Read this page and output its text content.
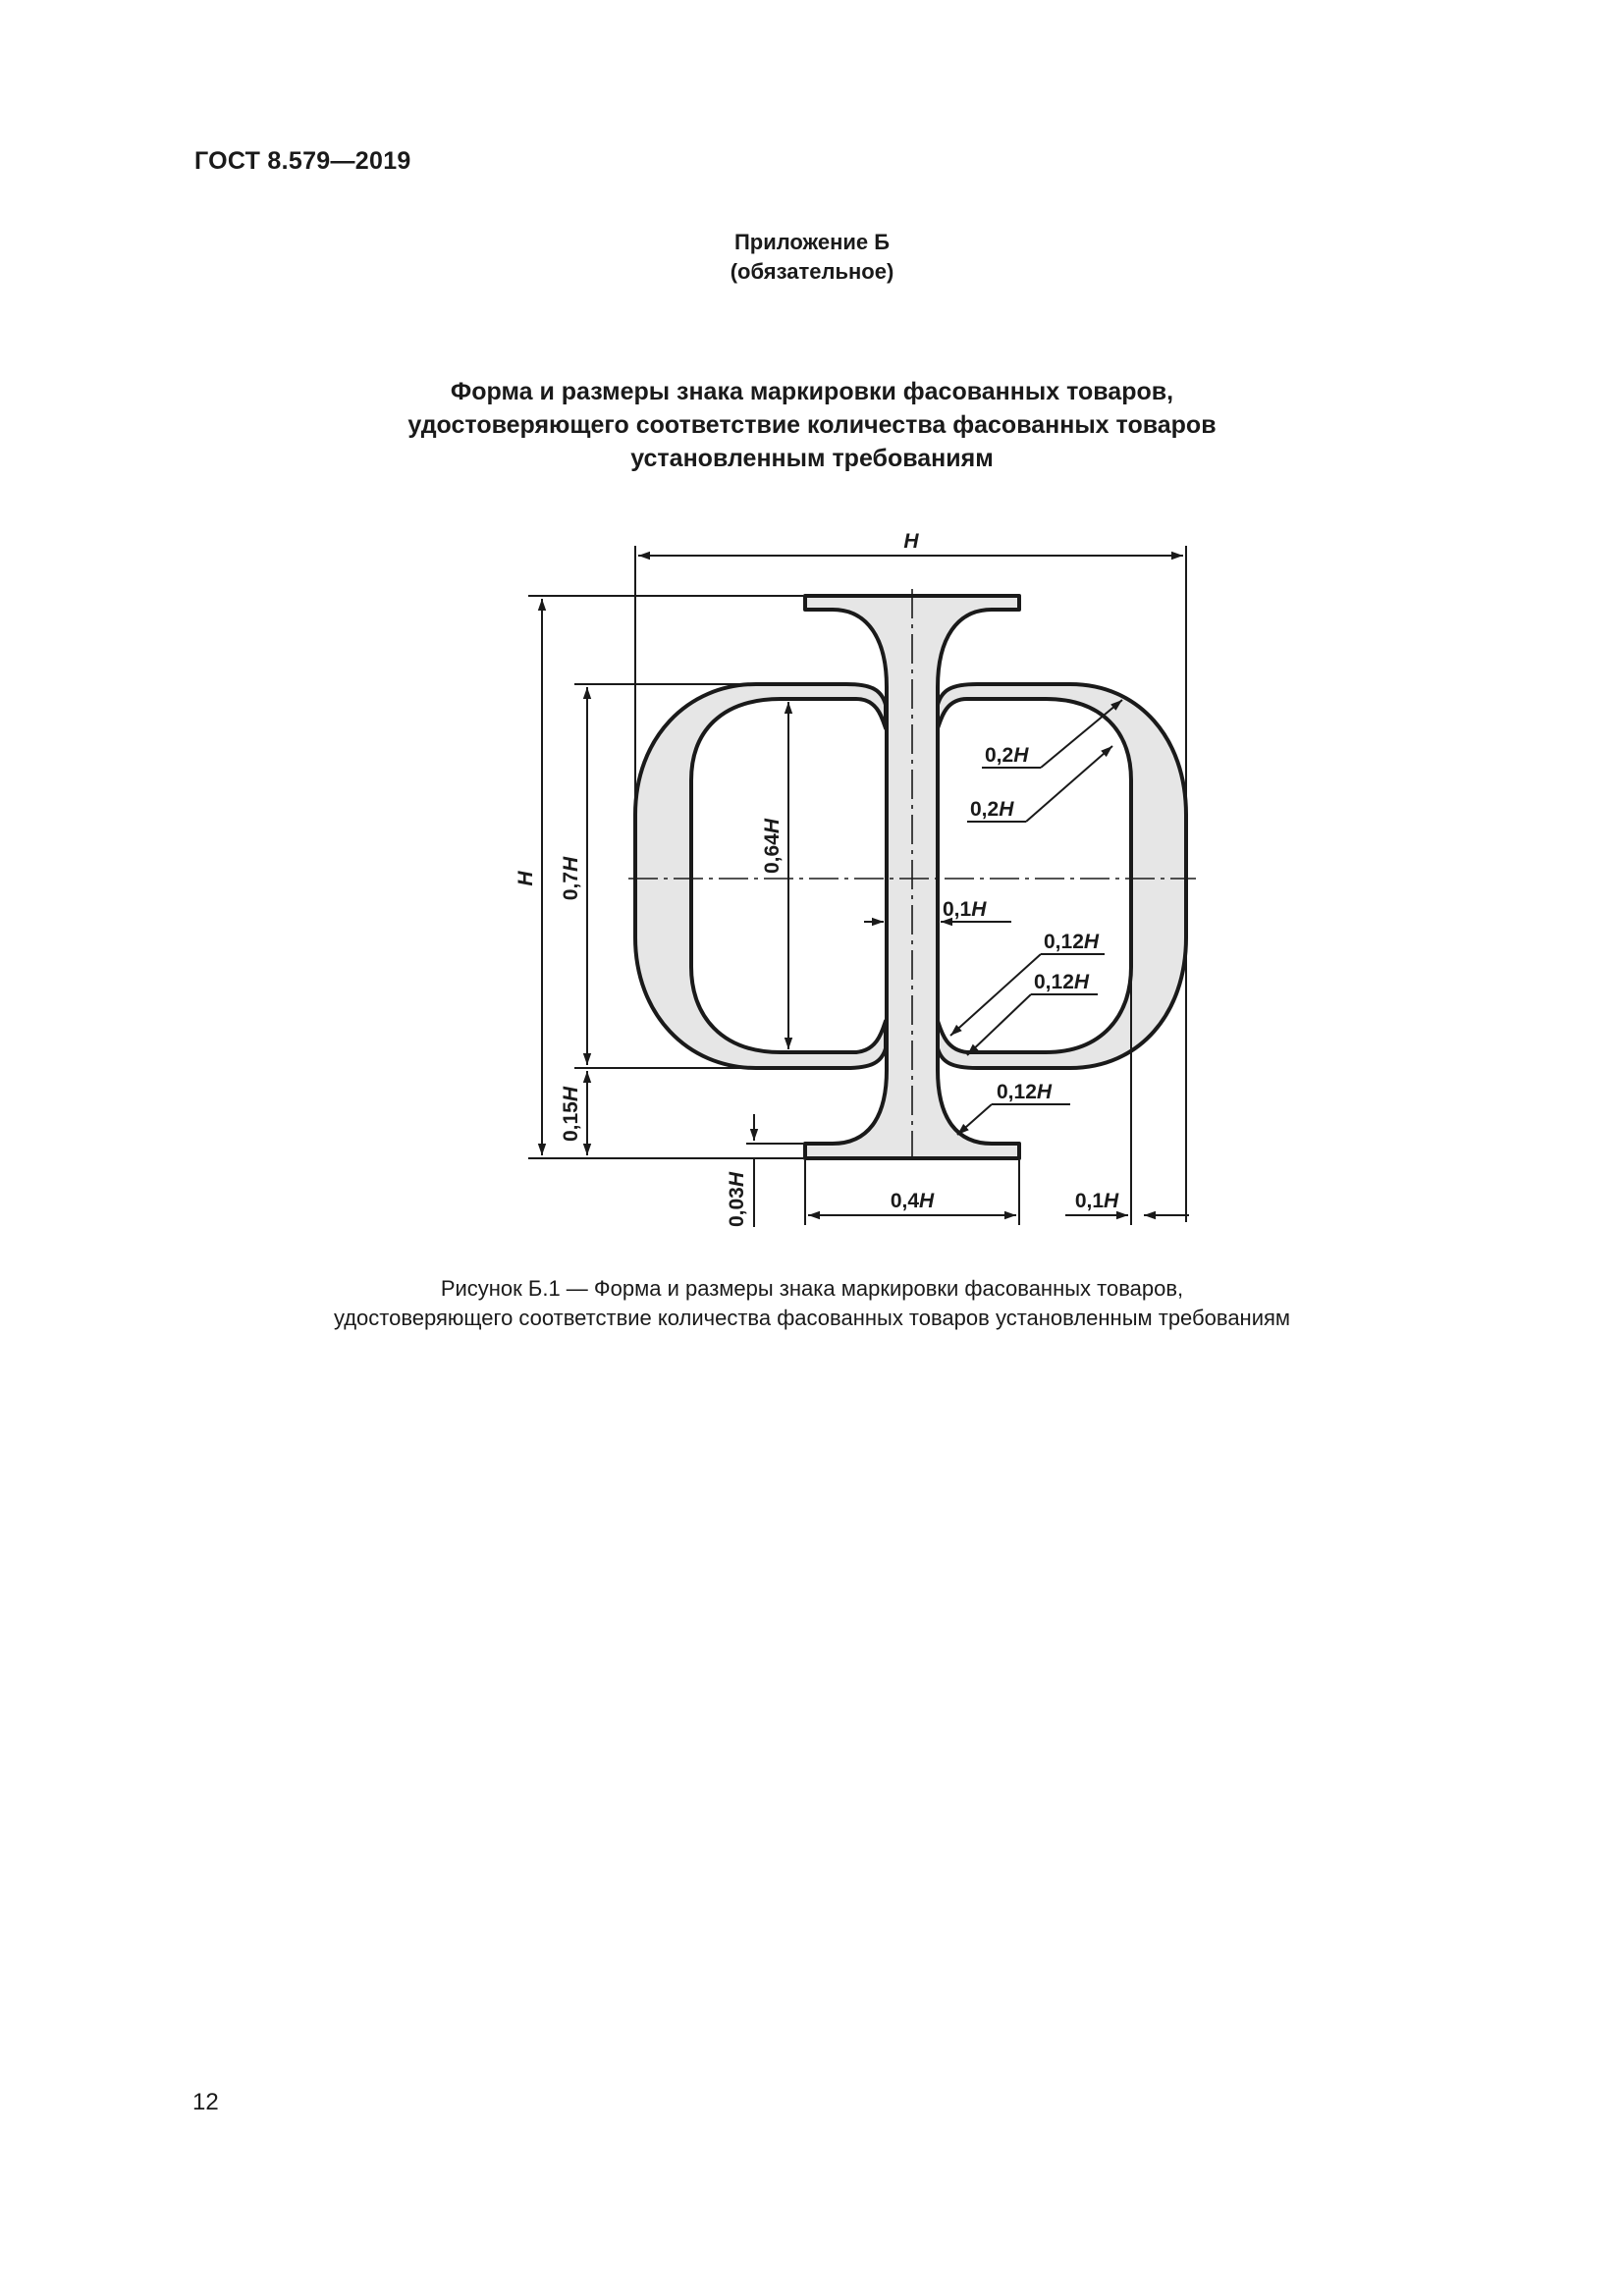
ГОСТ 8.579—2019
Приложение Б
(обязательное)
Форма и размеры знака маркировки фасованных товаров,
удостоверяющего соответствие количества фасованных товаров
установленным требованиям
H
H 0,7H	0,64H
0,15H
0,03H
0,4H	0,1H
0,1H
0,2H
0,2H
0,12H
0,12H
0,12H
Рисунок Б.1 — Форма и размеры знака маркировки фасованных товаров,
удостоверяющего соответствие количества фасованных товаров установленным требованиям
12
